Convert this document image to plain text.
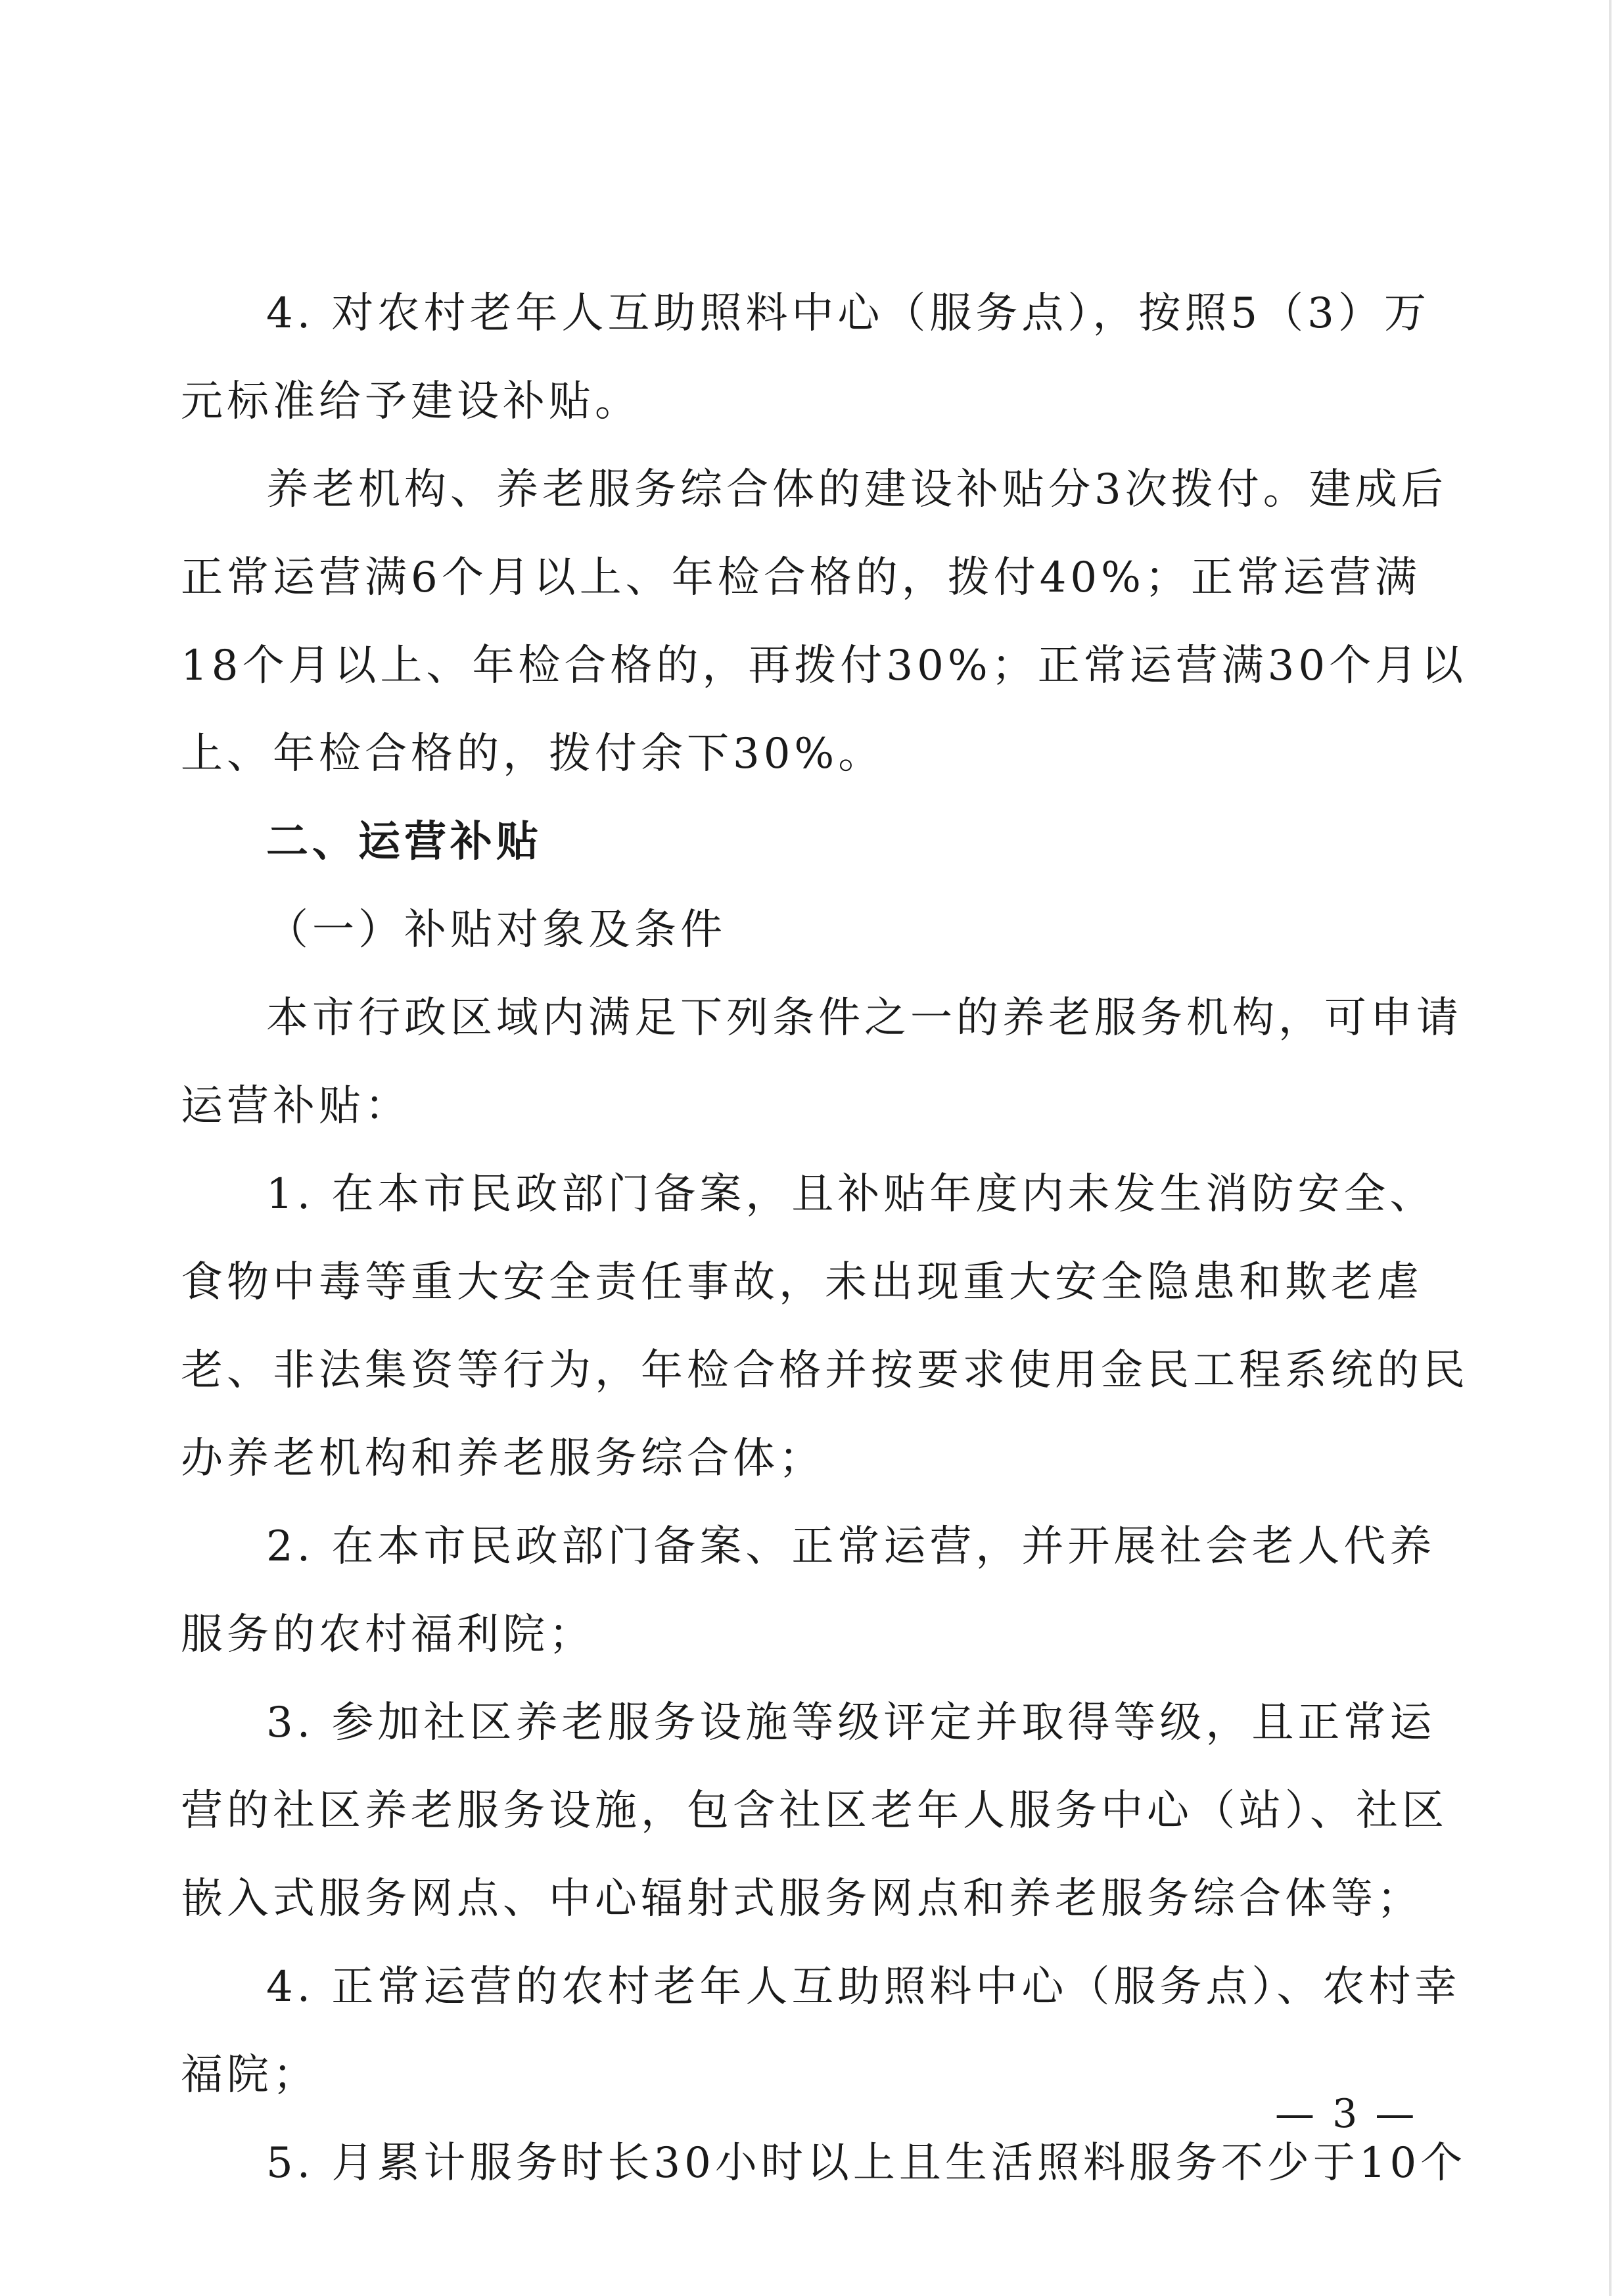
4. 对农村老年人互助照料中心（服务点），按照5（3）万
元标准给予建设补贴。
养老机构、养老服务综合体的建设补贴分3次拨付。建成后
正常运营满6个月以上、年检合格的，拨付40%；正常运营满
18个月以上、年检合格的，再拨付30%；正常运营满30个月以
上、年检合格的，拨付余下30%。
二、运营补贴
（一）补贴对象及条件
本市行政区域内满足下列条件之一的养老服务机构，可申请
运营补贴：
1. 在本市民政部门备案，且补贴年度内未发生消防安全、
食物中毒等重大安全责任事故，未出现重大安全隐患和欺老虐
老、非法集资等行为，年检合格并按要求使用金民工程系统的民
办养老机构和养老服务综合体；
2. 在本市民政部门备案、正常运营，并开展社会老人代养
服务的农村福利院；
3. 参加社区养老服务设施等级评定并取得等级，且正常运
营的社区养老服务设施，包含社区老年人服务中心（站）、社区
嵌入式服务网点、中心辐射式服务网点和养老服务综合体等；
4. 正常运营的农村老年人互助照料中心（服务点）、农村幸
福院；
5. 月累计服务时长30小时以上且生活照料服务不少于10个
— 3 —
